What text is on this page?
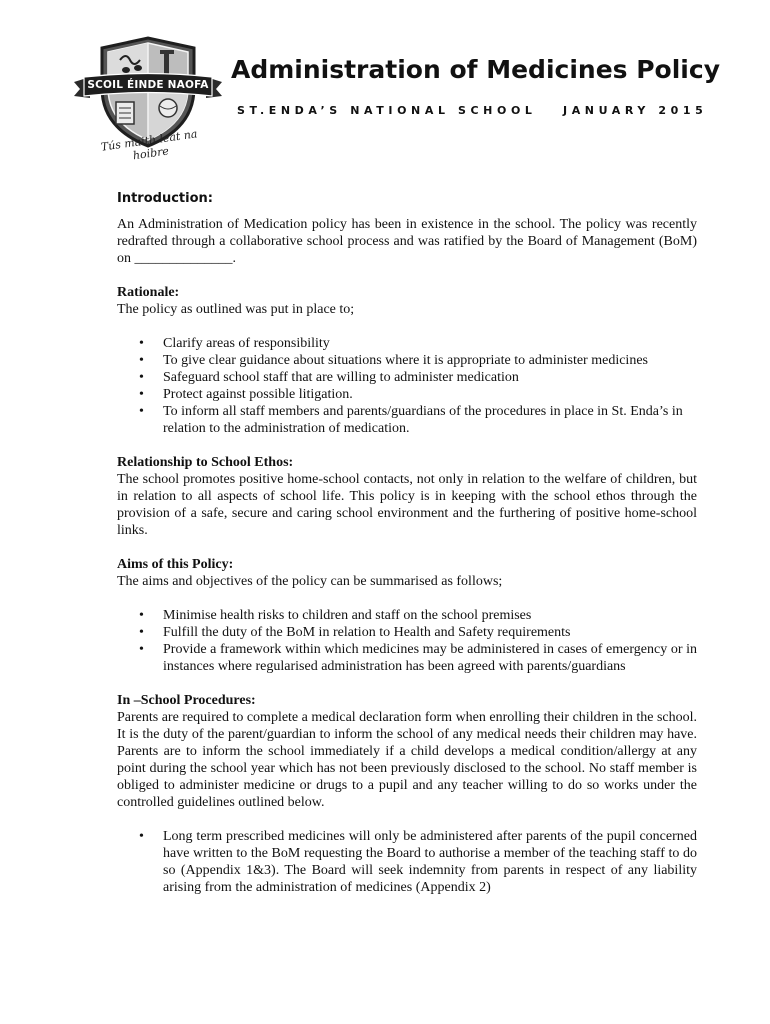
SCOIL ÉINDE NAOFA
Tús maith leat na hoibre
Administration of Medicines Policy
ST.ENDA’S NATIONAL SCHOOL JANUARY 2015
Introduction:

An Administration of Medication policy has been in existence in the school. The policy was recently redrafted through a collaborative school process and was ratified by the Board of Management (BoM) on ______________.

Rationale:

The policy as outlined was put in place to;

• Clarify areas of responsibility
• To give clear guidance about situations where it is appropriate to administer medicines
• Safeguard school staff that are willing to administer medication
• Protect against possible litigation.
• To inform all staff members and parents/guardians of the procedures in place in St. Enda’s in relation to the administration of medication.
Relationship to School Ethos:

The school promotes positive home-school contacts, not only in relation to the welfare of children, but in relation to all aspects of school life. This policy is in keeping with the school ethos through the provision of a safe, secure and caring school environment and the furthering of positive home-school links.

Aims of this Policy:

The aims and objectives of the policy can be summarised as follows;

• Minimise health risks to children and staff on the school premises
• Fulfill the duty of the BoM in relation to Health and Safety requirements
• Provide a framework within which medicines may be administered in cases of emergency or in instances where regularised administration has been agreed with parents/guardians
In –School Procedures:

Parents are required to complete a medical declaration form when enrolling their children in the school. It is the duty of the parent/guardian to inform the school of any medical needs their children may have. Parents are to inform the school immediately if a child develops a medical condition/allergy at any point during the school year which has not been previously disclosed to the school. No staff member is obliged to administer medicine or drugs to a pupil and any teacher willing to do so works under the controlled guidelines outlined below.

• Long term prescribed medicines will only be administered after parents of the pupil concerned have written to the BoM requesting the Board to authorise a member of the teaching staff to do so (Appendix 1&3). The Board will seek indemnity from parents in respect of any liability arising from the administration of medicines (Appendix 2)
